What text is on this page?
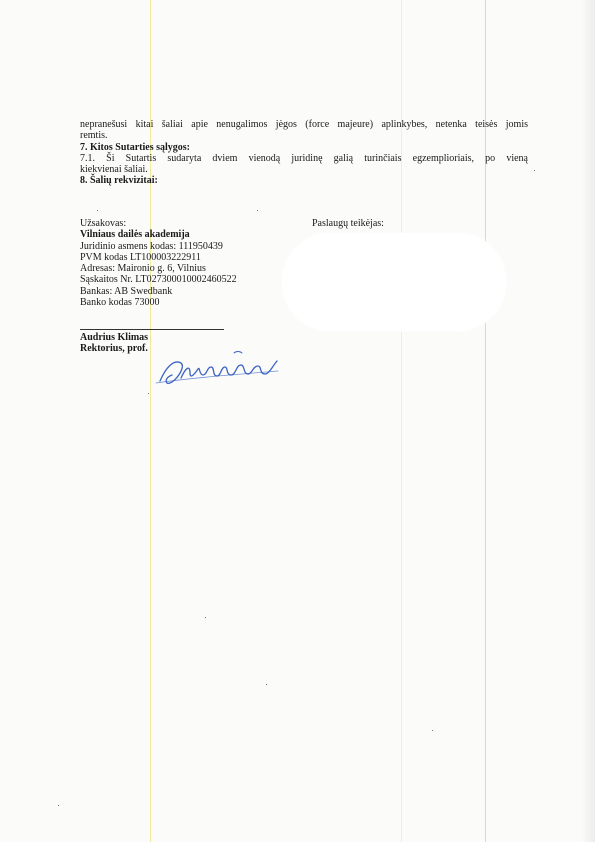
nepranešusi kitai šaliai apie nenugalimos jėgos (force majeure) aplinkybes, netenka teisės jomis

remtis.

7. Kitos Sutarties sąlygos:

7.1. Ši Sutartis sudaryta dviem vienodą juridinę galią turinčiais egzemplioriais, po vieną

kiekvienai šaliai.

8. Šalių rekvizitai:

Užsakovas:
Vilniaus dailės akademija
Juridinio asmens kodas: 111950439
PVM kodas LT100003222911
Adresas: Maironio g. 6, Vilnius
Sąskaitos Nr. LT027300010002460522
Bankas: AB Swedbank
Banko kodas 73000
Paslaugų teikėjas:
Audrius Klimas
Rektorius, prof.
